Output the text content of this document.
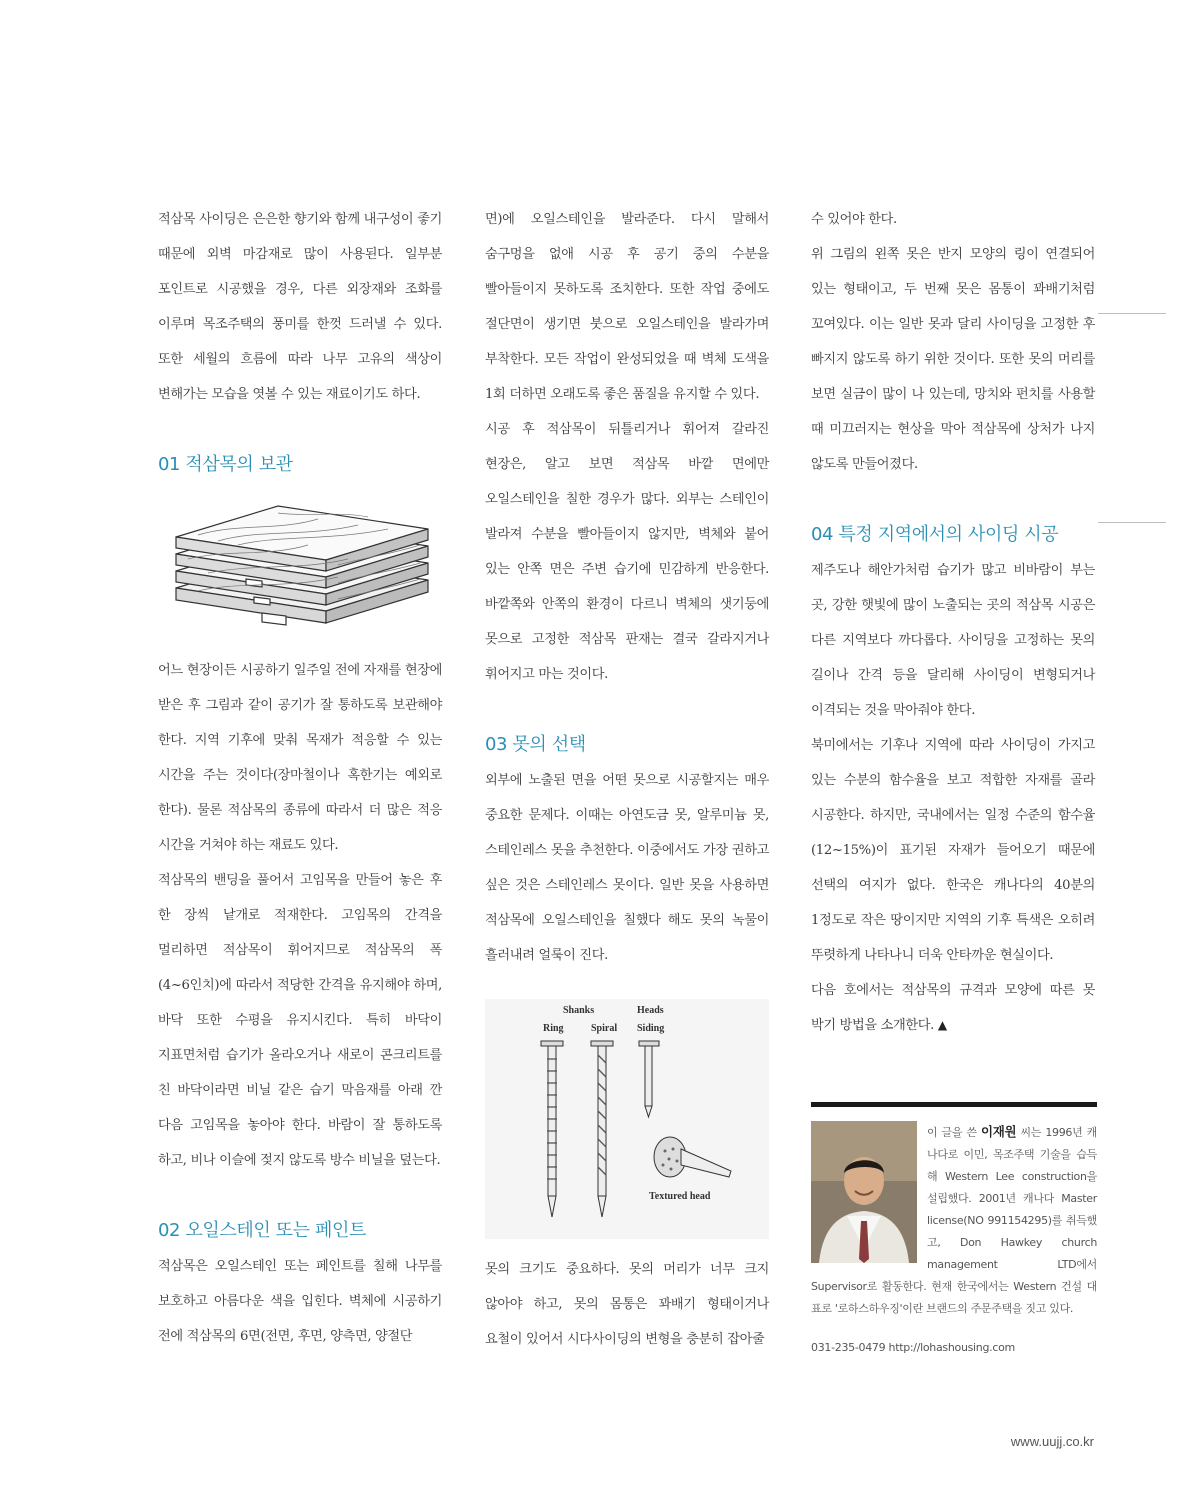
적삼목 사이딩은 은은한 향기와 함께 내구성이 좋기 때문에 외벽 마감재로 많이 사용된다. 일부분 포인트로 시공했을 경우, 다른 외장재와 조화를 이루며 목조주택의 풍미를 한껏 드러낼 수 있다. 또한 세월의 흐름에 따라 나무 고유의 색상이 변해가는 모습을 엿볼 수 있는 재료이기도 하다.

01 적삼목의 보관

어느 현장이든 시공하기 일주일 전에 자재를 현장에 받은 후 그림과 같이 공기가 잘 통하도록 보관해야 한다. 지역 기후에 맞춰 목재가 적응할 수 있는 시간을 주는 것이다(장마철이나 혹한기는 예외로 한다). 물론 적삼목의 종류에 따라서 더 많은 적응 시간을 거쳐야 하는 재료도 있다.

적삼목의 밴딩을 풀어서 고임목을 만들어 놓은 후 한 장씩 낱개로 적재한다. 고임목의 간격을 멀리하면 적삼목이 휘어지므로 적삼목의 폭(4~6인치)에 따라서 적당한 간격을 유지해야 하며, 바닥 또한 수평을 유지시킨다. 특히 바닥이 지표면처럼 습기가 올라오거나 새로이 콘크리트를 친 바닥이라면 비닐 같은 습기 막음재를 아래 깐 다음 고임목을 놓아야 한다. 바람이 잘 통하도록 하고, 비나 이슬에 젖지 않도록 방수 비닐을 덮는다.

02 오일스테인 또는 페인트

적삼목은 오일스테인 또는 페인트를 칠해 나무를 보호하고 아름다운 색을 입힌다. 벽체에 시공하기 전에 적삼목의 6면(전면, 후면, 양측면, 양절단

면)에 오일스테인을 발라준다. 다시 말해서 숨구멍을 없애 시공 후 공기 중의 수분을 빨아들이지 못하도록 조치한다. 또한 작업 중에도 절단면이 생기면 붓으로 오일스테인을 발라가며 부착한다. 모든 작업이 완성되었을 때 벽체 도색을 1회 더하면 오래도록 좋은 품질을 유지할 수 있다.

시공 후 적삼목이 뒤틀리거나 휘어져 갈라진 현장은, 알고 보면 적삼목 바깥 면에만 오일스테인을 칠한 경우가 많다. 외부는 스테인이 발라져 수분을 빨아들이지 않지만, 벽체와 붙어 있는 안쪽 면은 주변 습기에 민감하게 반응한다. 바깥쪽와 안쪽의 환경이 다르니 벽체의 샛기둥에 못으로 고정한 적삼목 판재는 결국 갈라지거나 휘어지고 마는 것이다.

03 못의 선택

외부에 노출된 면을 어떤 못으로 시공할지는 매우 중요한 문제다. 이때는 아연도금 못, 알루미늄 못, 스테인레스 못을 추천한다. 이중에서도 가장 권하고 싶은 것은 스테인레스 못이다. 일반 못을 사용하면 적삼목에 오일스테인을 칠했다 해도 못의 녹물이 흘러내려 얼룩이 진다.

Shanks	Heads
Ring	Spiral Siding
Textured head

못의 크기도 중요하다. 못의 머리가 너무 크지 않아야 하고, 못의 몸통은 꽈배기 형태이거나 요철이 있어서 시다사이딩의 변형을 충분히 잡아줄

수 있어야 한다.

위 그림의 왼쪽 못은 반지 모양의 링이 연결되어 있는 형태이고, 두 번째 못은 몸통이 꽈배기처럼 꼬여있다. 이는 일반 못과 달리 사이딩을 고정한 후 빠지지 않도록 하기 위한 것이다. 또한 못의 머리를 보면 실금이 많이 나 있는데, 망치와 펀치를 사용할 때 미끄러지는 현상을 막아 적삼목에 상처가 나지 않도록 만들어졌다.

04 특정 지역에서의 사이딩 시공

제주도나 해안가처럼 습기가 많고 비바람이 부는 곳, 강한 햇빛에 많이 노출되는 곳의 적삼목 시공은 다른 지역보다 까다롭다. 사이딩을 고정하는 못의 길이나 간격 등을 달리해 사이딩이 변형되거나 이격되는 것을 막아줘야 한다.

북미에서는 기후나 지역에 따라 사이딩이 가지고 있는 수분의 함수율을 보고 적합한 자재를 골라 시공한다. 하지만, 국내에서는 일정 수준의 함수율(12~15%)이 표기된 자재가 들어오기 때문에 선택의 여지가 없다. 한국은 캐나다의 40분의 1정도로 작은 땅이지만 지역의 기후 특색은 오히려 뚜렷하게 나타나니 더욱 안타까운 현실이다.

다음 호에서는 적삼목의 규격과 모양에 따른 못 박기 방법을 소개한다. ▲

이 글을 쓴 이재원 씨는 1996년 캐나다로 이민, 목조주택 기술을 습득해 Western Lee construction을 설립했다. 2001년 캐나다 Master license(NO 991154295)를 취득했고, Don Hawkey church management LTD에서 Supervisor로 활동한다. 현재 한국에서는 Western 건설 대표로 '로하스하우징'이란 브랜드의 주문주택을 짓고 있다.
031-235-0479 http://lohashousing.com
www.uujj.co.kr
